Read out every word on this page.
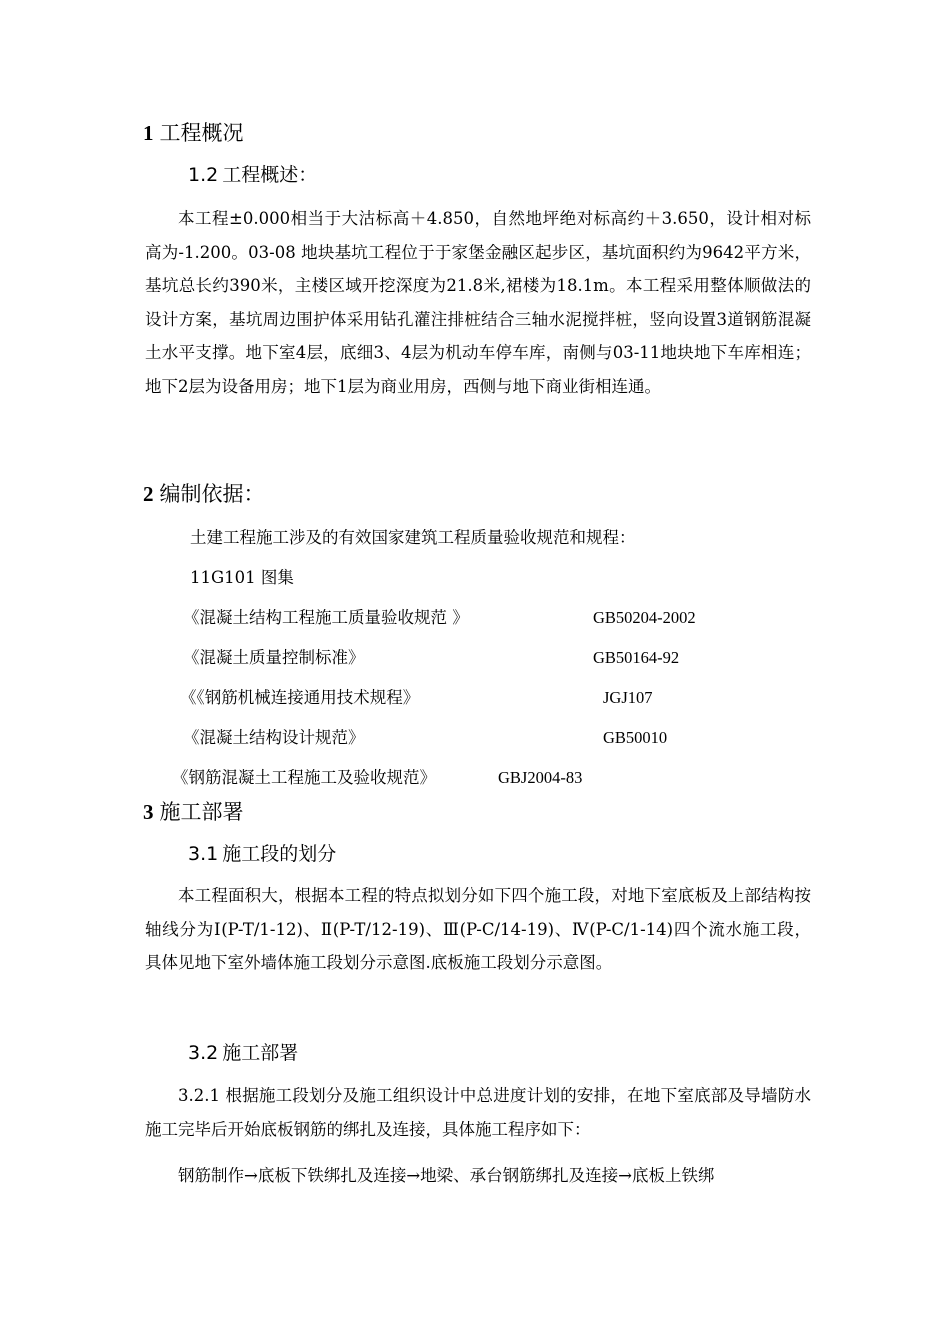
1 工程概况
1.2 工程概述：
本工程±0.000相当于大沽标高＋4.850，自然地坪绝对标高约＋3.650，设计相对标高为-1.200。03-08 地块基坑工程位于于家堡金融区起步区，基坑面积约为9642平方米，基坑总长约390米，主楼区域开挖深度为21.8米,裙楼为18.1m。本工程采用整体顺做法的设计方案，基坑周边围护体采用钻孔灌注排桩结合三轴水泥搅拌桩，竖向设置3道钢筋混凝土水平支撑。地下室4层，底细3、4层为机动车停车库，南侧与03-11地块地下车库相连；地下2层为设备用房；地下1层为商业用房，西侧与地下商业街相连通。
2 编制依据：
土建工程施工涉及的有效国家建筑工程质量验收规范和规程：
11G101 图集
《混凝土结构工程施工质量验收规范 》	GB50204-2002
《混凝土质量控制标准》	GB50164-92
《《钢筋机械连接通用技术规程》	JGJ107
《混凝土结构设计规范》	GB50010
《钢筋混凝土工程施工及验收规范》	GBJ2004-83
3 施工部署
3.1 施工段的划分
本工程面积大，根据本工程的特点拟划分如下四个施工段，对地下室底板及上部结构按轴线分为Ⅰ(P-T/1-12)、Ⅱ(P-T/12-19)、Ⅲ(P-C/14-19)、Ⅳ(P-C/1-14)四个流水施工段，具体见地下室外墙体施工段划分示意图.底板施工段划分示意图。
3.2 施工部署
3.2.1 根据施工段划分及施工组织设计中总进度计划的安排，在地下室底部及导墙防水施工完毕后开始底板钢筋的绑扎及连接，具体施工程序如下：
钢筋制作→底板下铁绑扎及连接→地梁、承台钢筋绑扎及连接→底板上铁绑
